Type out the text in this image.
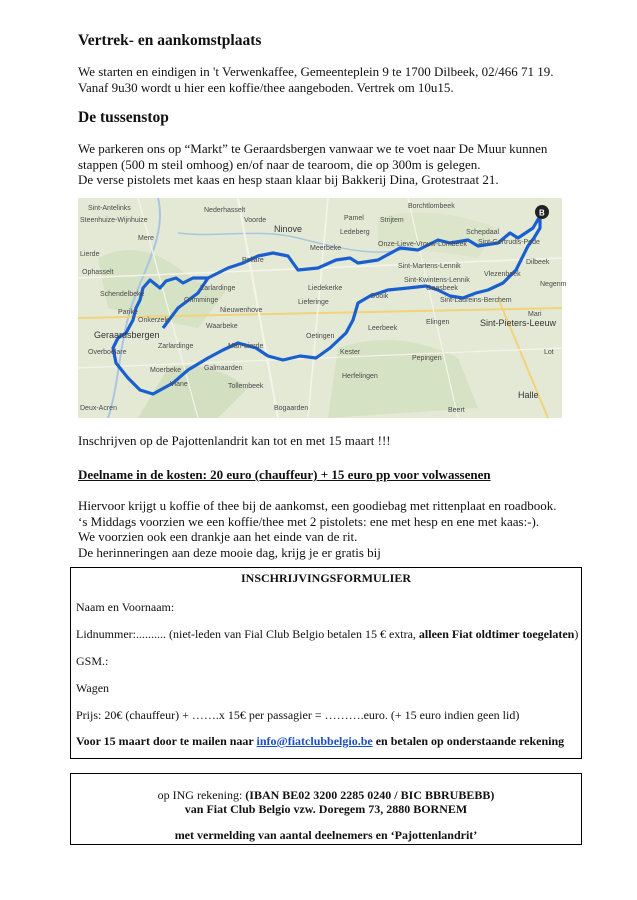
Vertrek- en aankomstplaats

We starten en eindigen in 't Verwenkaffee, Gemeenteplein 9 te 1700 Dilbeek, 02/466 71 19.
Vanaf 9u30 wordt u hier een koffie/thee aangeboden. Vertrek om 10u15.

De tussenstop

We parkeren ons op “Markt” te Geraardsbergen vanwaar we te voet naar De Muur kunnen
stappen (500 m steil omhoog) en/of naar de tearoom, die op 300m is gelegen.
De verse pistolets met kaas en hesp staan klaar bij Bakkerij Dina, Grotestraat 21.

B
Sint-Antelinks	Borchtlombeek
Nederhasselt
Steenhuize-Wijnhuize	Voorde
Ninove
Pamel Strijtem
Mere
Ledeberg
Onze-Lieve-Vrouw-Lombeek
Schepdaal
Sint-Gertrudis-Pede
Pollare
Meerbeke
Sint-Martens-Lennik
Dilbeek
Schendelbeke
Zarlardinge
Grimminge
Liedekerke
Sint-Kwintens-Lennik
Vlezenbeek
Negenm
Gaasbeek
Sint-Laureins-Berchem
Sint-Pieters-Leeuw
Nieuwenhove
Lieferinge
Gooik
Onkerzele	Elingen
Leerbeek
Geraardsbergen
Waarbeke
Oetingen
Overboelare	Kester
Pepingen
Zarlardinge
Moerbeke	Galmaarden
Herfelingen
Lot
Tollembeek
Viane
Deux-Acren
Halle
Bogaarden	Beert
Mari
Lierde
Parike
Ophasselt
Mari-Lierde

Inschrijven op de Pajottenlandrit kan tot en met 15 maart !!!

Deelname in de kosten: 20 euro (chauffeur) + 15 euro pp voor volwassenen

Hiervoor krijgt u koffie of thee bij de aankomst, een goodiebag met rittenplaat en roadbook.
‘s Middags voorzien we een koffie/thee met 2 pistolets: ene met hesp en ene met kaas:-).
We voorzien ook een drankje aan het einde van de rit.
De herinneringen aan deze mooie dag, krijg je er gratis bij

INSCHRIJVINGSFORMULIER
Naam en Voornaam:
Lidnummer:.......... (niet-leden van Fial Club Belgio betalen 15 € extra, alleen Fiat oldtimer toegelaten)
GSM.:
Wagen
Prijs: 20€ (chauffeur) + …….x 15€ per passagier = ……….euro. (+ 15 euro indien geen lid)
Voor 15 maart door te mailen naar info@fiatclubbelgio.be en betalen op onderstaande rekening
op ING rekening: (IBAN BE02 3200 2285 0240 / BIC BBRUBEBB)
van Fiat Club Belgio vzw. Doregem 73, 2880 BORNEM
met vermelding van aantal deelnemers en ‘Pajottenlandrit’
